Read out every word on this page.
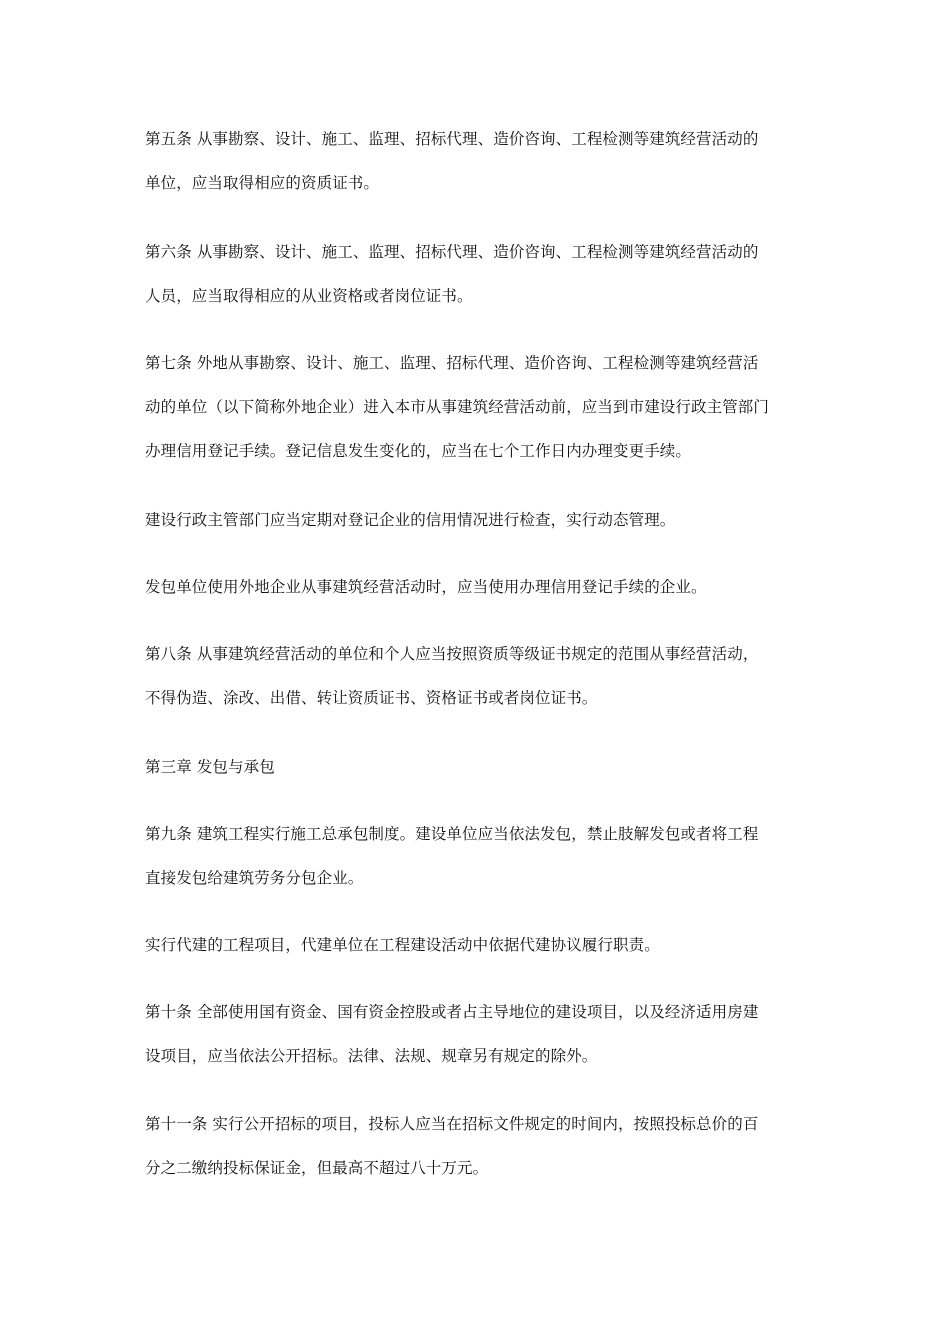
第五条 从事勘察、设计、施工、监理、招标代理、造价咨询、工程检测等建筑经营活动的
单位，应当取得相应的资质证书。
第六条 从事勘察、设计、施工、监理、招标代理、造价咨询、工程检测等建筑经营活动的
人员，应当取得相应的从业资格或者岗位证书。
第七条 外地从事勘察、设计、施工、监理、招标代理、造价咨询、工程检测等建筑经营活
动的单位（以下简称外地企业）进入本市从事建筑经营活动前，应当到市建设行政主管部门
办理信用登记手续。登记信息发生变化的，应当在七个工作日内办理变更手续。
建设行政主管部门应当定期对登记企业的信用情况进行检查，实行动态管理。
发包单位使用外地企业从事建筑经营活动时，应当使用办理信用登记手续的企业。
第八条 从事建筑经营活动的单位和个人应当按照资质等级证书规定的范围从事经营活动，
不得伪造、涂改、出借、转让资质证书、资格证书或者岗位证书。
第三章 发包与承包
第九条 建筑工程实行施工总承包制度。建设单位应当依法发包，禁止肢解发包或者将工程
直接发包给建筑劳务分包企业。
实行代建的工程项目，代建单位在工程建设活动中依据代建协议履行职责。
第十条 全部使用国有资金、国有资金控股或者占主导地位的建设项目，以及经济适用房建
设项目，应当依法公开招标。法律、法规、规章另有规定的除外。
第十一条 实行公开招标的项目，投标人应当在招标文件规定的时间内，按照投标总价的百
分之二缴纳投标保证金，但最高不超过八十万元。
